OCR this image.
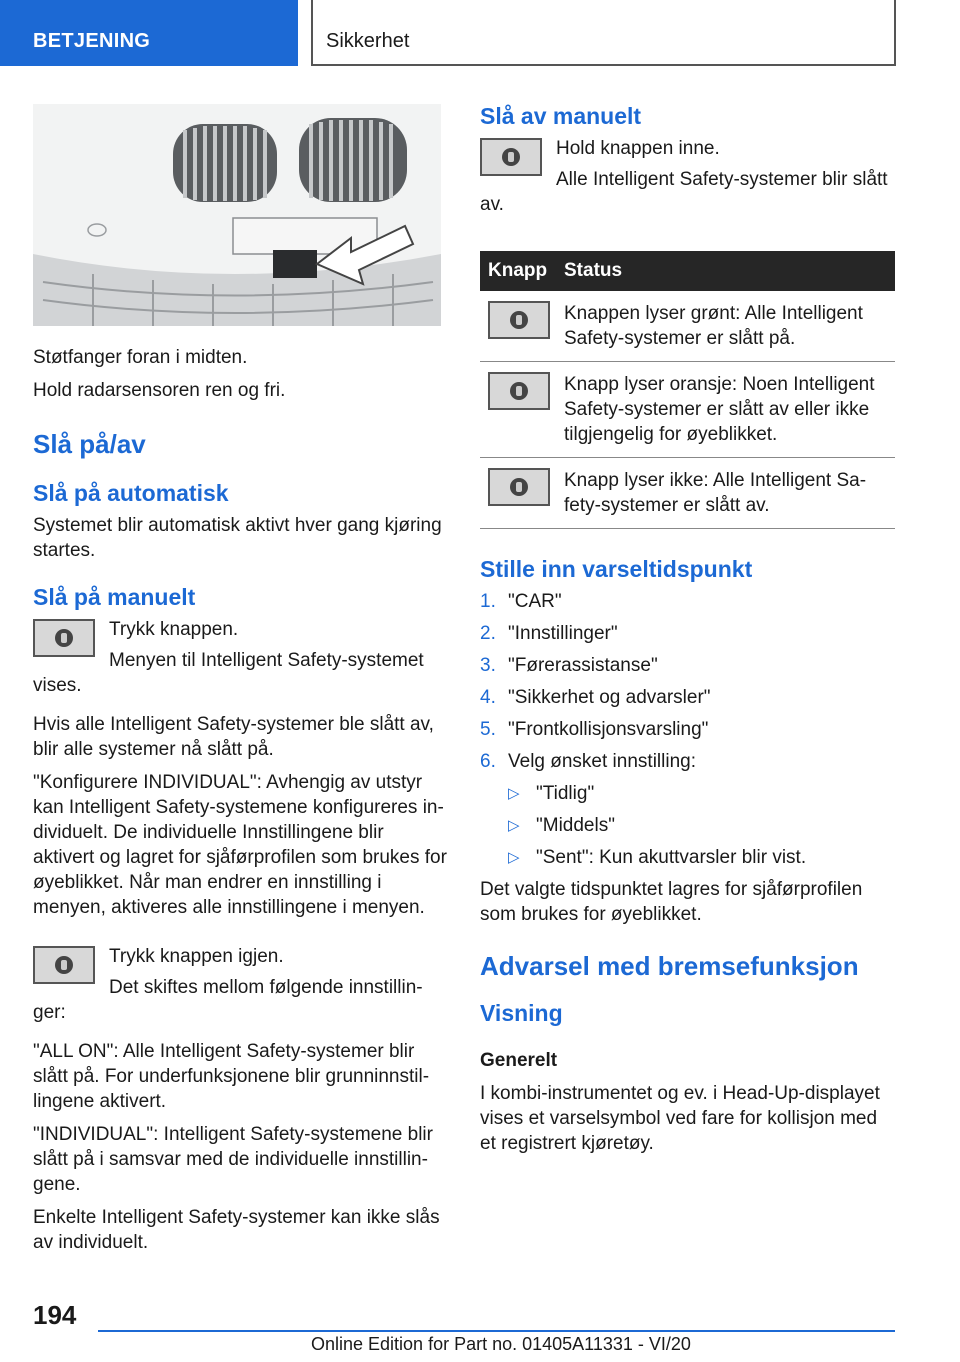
BETJENING	Sikkerhet

Støtfanger foran i midten.

Hold radarsensoren ren og fri.

Slå på/av
Slå på automatisk

Systemet blir automatisk aktivt hver gang kjøring startes.

Slå på manuelt

Trykk knappen.

Menyen til Intelligent Safety-systemet vises.

Hvis alle Intelligent Safety-systemer ble slått av, blir alle systemer nå slått på.

"Konfigurere INDIVIDUAL": Avhengig av utstyr kan Intelligent Safety-systemene konfigureres individuelt. De individuelle Innstillingene blir aktivert og lagret for sjåførprofilen som brukes for øyeblikket. Når man endrer en innstilling i menyen, aktiveres alle innstillingene i menyen.

Trykk knappen igjen.

Det skiftes mellom følgende innstillinger:

"ALL ON": Alle Intelligent Safety-systemer blir slått på. For underfunksjonene blir grunninnstillingene aktivert.

"INDIVIDUAL": Intelligent Safety-systemene blir slått på i samsvar med de individuelle innstillingene.

Enkelte Intelligent Safety-systemer kan ikke slås av individuelt.

Slå av manuelt

Hold knappen inne.

Alle Intelligent Safety-systemer blir slått av.

Knapp	Status

	Knappen lyser grønt: Alle Intelligent Safety-systemer er slått på.

	Knapp lyser oransje: Noen Intelligent Safety-systemer er slått av eller ikke tilgjengelig for øyeblikket.

	Knapp lyser ikke: Alle Intelligent Safety-systemer er slått av.
Stille inn varseltidspunkt
1. "CAR"
2. "Innstillinger"
3. "Førerassistanse"
4. "Sikkerhet og advarsler"
5. "Frontkollisjonsvarsling"
6. Velg ønsket innstilling:
▷ "Tidlig"
▷ "Middels"
▷ "Sent": Kun akuttvarsler blir vist.

Det valgte tidspunktet lagres for sjåførprofilen som brukes for øyeblikket.

Advarsel med bremsefunksjon
Visning
Generelt

I kombi-instrumentet og ev. i Head-Up-displayet vises et varselsymbol ved fare for kollisjon med et registrert kjøretøy.

194
Online Edition for Part no. 01405A11331 - VI/20
